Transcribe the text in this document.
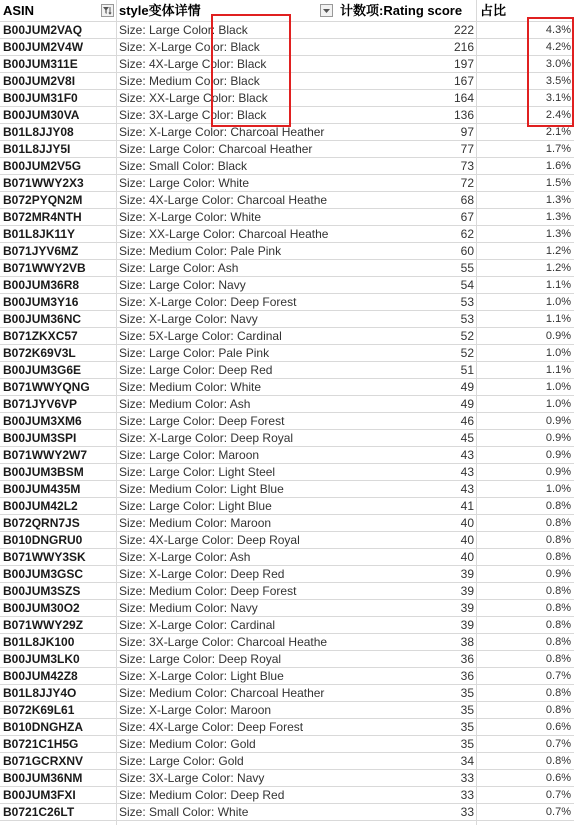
ASIN	style变体详情	计数项:Rating score	占比
B00JUM2VAQ	Size: Large Color: Black	222	4.3%
B00JUM2V4W	Size: X-Large Color: Black	216	4.2%
B00JUM311E	Size: 4X-Large Color: Black	197	3.0%
B00JUM2V8I	Size: Medium Color: Black	167	3.5%
B00JUM31F0	Size: XX-Large Color: Black	164	3.1%
B00JUM30VA	Size: 3X-Large Color: Black	136	2.4%
B01L8JJY08	Size: X-Large Color: Charcoal Heather	97	2.1%
B01L8JJY5I	Size: Large Color: Charcoal Heather	77	1.7%
B00JUM2V5G	Size: Small Color: Black	73	1.6%
B071WWY2X3	Size: Large Color: White	72	1.5%
B072PYQN2M	Size: 4X-Large Color: Charcoal Heathe	68	1.3%
B072MR4NTH	Size: X-Large Color: White	67	1.3%
B01L8JK11Y	Size: XX-Large Color: Charcoal Heathe	62	1.3%
B071JYV6MZ	Size: Medium Color: Pale Pink	60	1.2%
B071WWY2VB	Size: Large Color: Ash	55	1.2%
B00JUM36R8	Size: Large Color: Navy	54	1.1%
B00JUM3Y16	Size: X-Large Color: Deep Forest	53	1.0%
B00JUM36NC	Size: X-Large Color: Navy	53	1.1%
B071ZKXC57	Size: 5X-Large Color: Cardinal	52	0.9%
B072K69V3L	Size: Large Color: Pale Pink	52	1.0%
B00JUM3G6E	Size: Large Color: Deep Red	51	1.1%
B071WWYQNG	Size: Medium Color: White	49	1.0%
B071JYV6VP	Size: Medium Color: Ash	49	1.0%
B00JUM3XM6	Size: Large Color: Deep Forest	46	0.9%
B00JUM3SPI	Size: X-Large Color: Deep Royal	45	0.9%
B071WWY2W7	Size: Large Color: Maroon	43	0.9%
B00JUM3BSM	Size: Large Color: Light Steel	43	0.9%
B00JUM435M	Size: Medium Color: Light Blue	43	1.0%
B00JUM42L2	Size: Large Color: Light Blue	41	0.8%
B072QRN7JS	Size: Medium Color: Maroon	40	0.8%
B010DNGRU0	Size: 4X-Large Color: Deep Royal	40	0.8%
B071WWY3SK	Size: X-Large Color: Ash	40	0.8%
B00JUM3GSC	Size: X-Large Color: Deep Red	39	0.9%
B00JUM3SZS	Size: Medium Color: Deep Forest	39	0.8%
B00JUM30O2	Size: Medium Color: Navy	39	0.8%
B071WWY29Z	Size: X-Large Color: Cardinal	39	0.8%
B01L8JK100	Size: 3X-Large Color: Charcoal Heathe	38	0.8%
B00JUM3LK0	Size: Large Color: Deep Royal	36	0.8%
B00JUM42Z8	Size: X-Large Color: Light Blue	36	0.7%
B01L8JJY4O	Size: Medium Color: Charcoal Heather	35	0.8%
B072K69L61	Size: X-Large Color: Maroon	35	0.8%
B010DNGHZA	Size: 4X-Large Color: Deep Forest	35	0.6%
B0721C1H5G	Size: Medium Color: Gold	35	0.7%
B071GCRXNV	Size: Large Color: Gold	34	0.8%
B00JUM36NM	Size: 3X-Large Color: Navy	33	0.6%
B00JUM3FXI	Size: Medium Color: Deep Red	33	0.7%
B0721C26LT	Size: Small Color: White	33	0.7%
